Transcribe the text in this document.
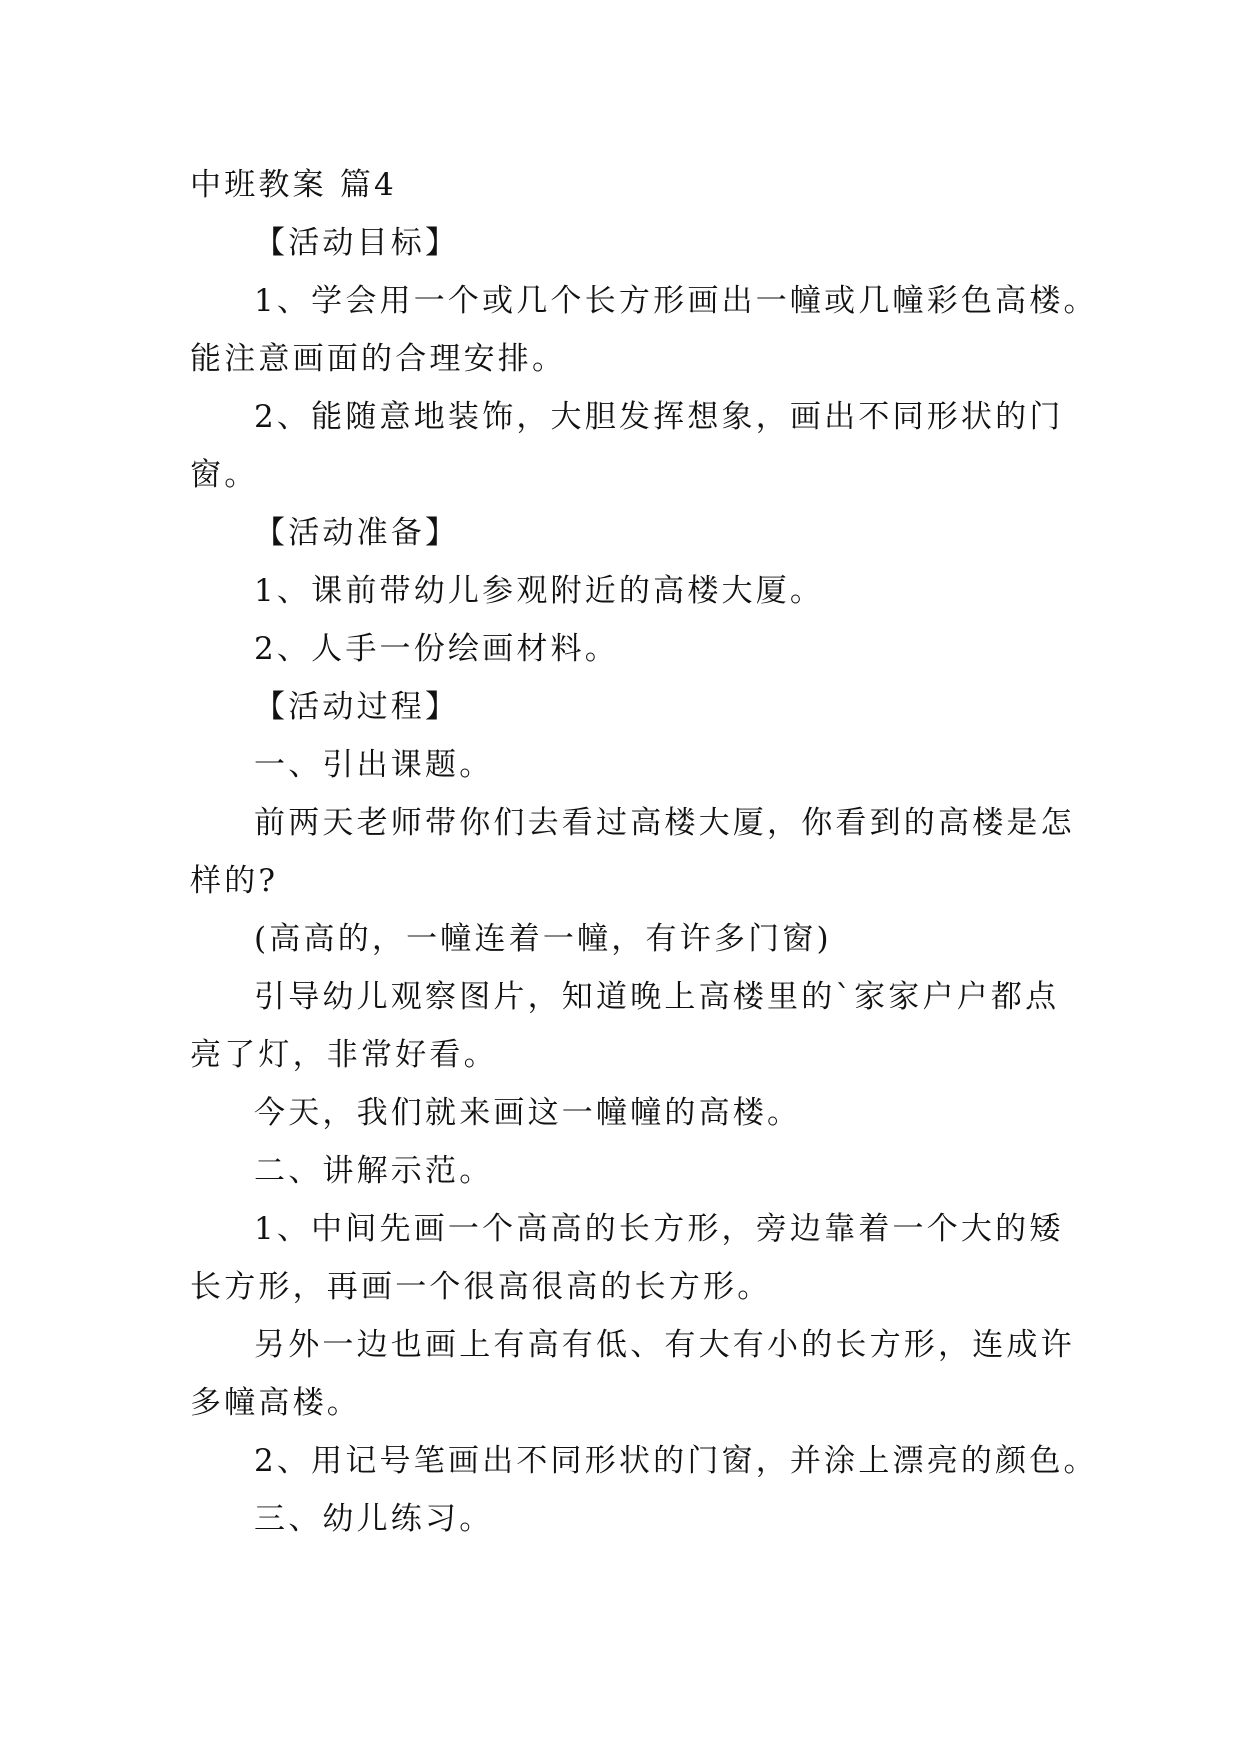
中班教案 篇4
【活动目标】
1、学会用一个或几个长方形画出一幢或几幢彩色高楼。
能注意画面的合理安排。
2、能随意地装饰，大胆发挥想象，画出不同形状的门
窗。
【活动准备】
1、课前带幼儿参观附近的高楼大厦。
2、人手一份绘画材料。
【活动过程】
一、引出课题。
前两天老师带你们去看过高楼大厦，你看到的高楼是怎
样的?
(高高的，一幢连着一幢，有许多门窗)
引导幼儿观察图片，知道晚上高楼里的`家家户户都点
亮了灯，非常好看。
今天，我们就来画这一幢幢的高楼。
二、讲解示范。
1、中间先画一个高高的长方形，旁边靠着一个大的矮
长方形，再画一个很高很高的长方形。
另外一边也画上有高有低、有大有小的长方形，连成许
多幢高楼。
2、用记号笔画出不同形状的门窗，并涂上漂亮的颜色。
三、幼儿练习。
